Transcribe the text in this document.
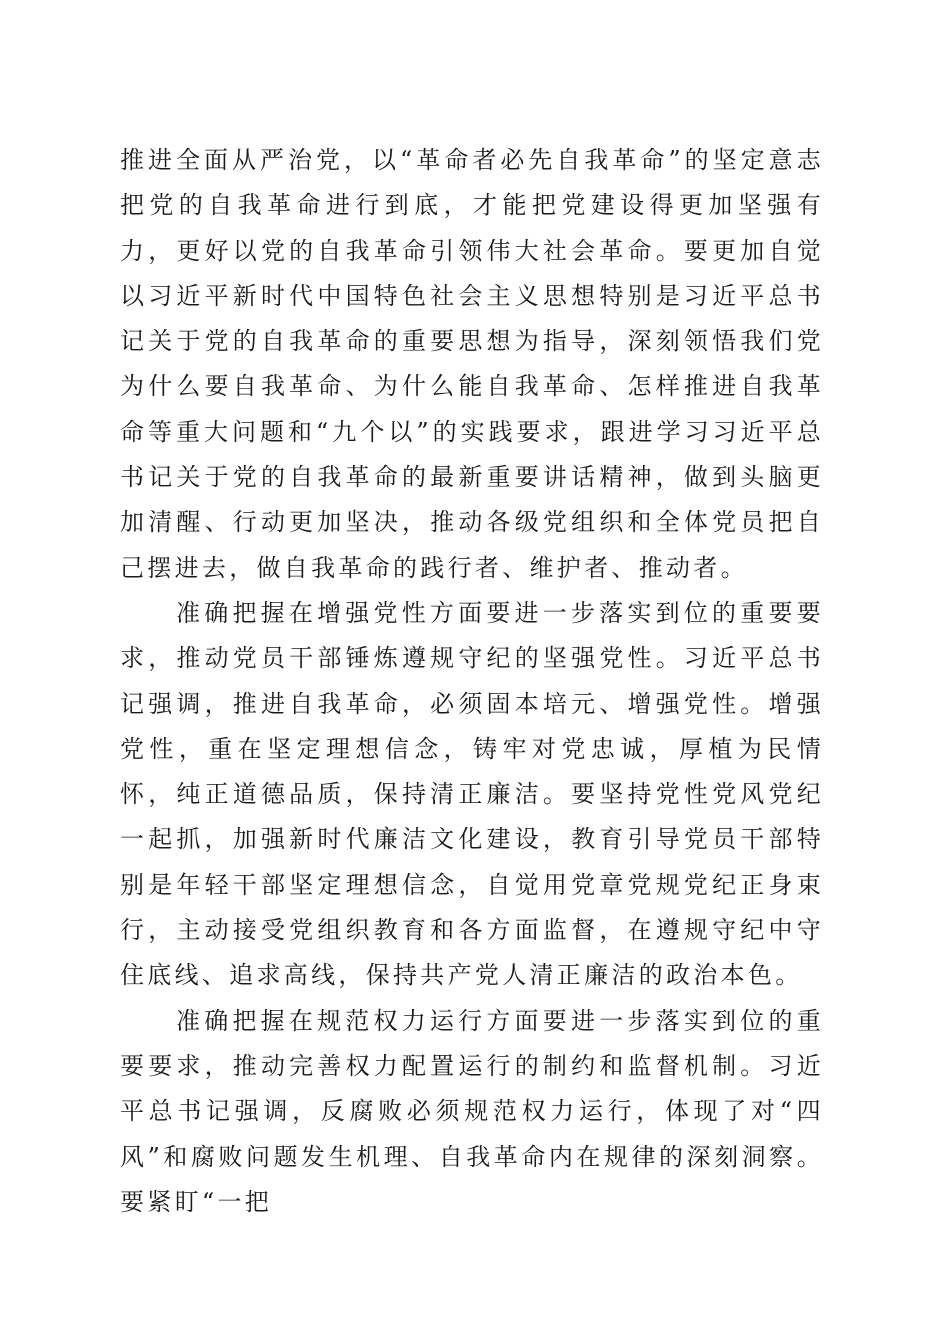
推进全面从严治党，以“革命者必先自我革命”的坚定意志把党的自我革命进行到底，才能把党建设得更加坚强有力，更好以党的自我革命引领伟大社会革命。要更加自觉以习近平新时代中国特色社会主义思想特别是习近平总书记关于党的自我革命的重要思想为指导，深刻领悟我们党为什么要自我革命、为什么能自我革命、怎样推进自我革命等重大问题和“九个以”的实践要求，跟进学习习近平总书记关于党的自我革命的最新重要讲话精神，做到头脑更加清醒、行动更加坚决，推动各级党组织和全体党员把自己摆进去，做自我革命的践行者、维护者、推动者。

准确把握在增强党性方面要进一步落实到位的重要要求，推动党员干部锤炼遵规守纪的坚强党性。习近平总书记强调，推进自我革命，必须固本培元、增强党性。增强党性，重在坚定理想信念，铸牢对党忠诚，厚植为民情怀，纯正道德品质，保持清正廉洁。要坚持党性党风党纪一起抓，加强新时代廉洁文化建设，教育引导党员干部特别是年轻干部坚定理想信念，自觉用党章党规党纪正身束行，主动接受党组织教育和各方面监督，在遵规守纪中守住底线、追求高线，保持共产党人清正廉洁的政治本色。

准确把握在规范权力运行方面要进一步落实到位的重要要求，推动完善权力配置运行的制约和监督机制。习近平总书记强调，反腐败必须规范权力运行，体现了对“四风”和腐败问题发生机理、自我革命内在规律的深刻洞察。要紧盯“一把
